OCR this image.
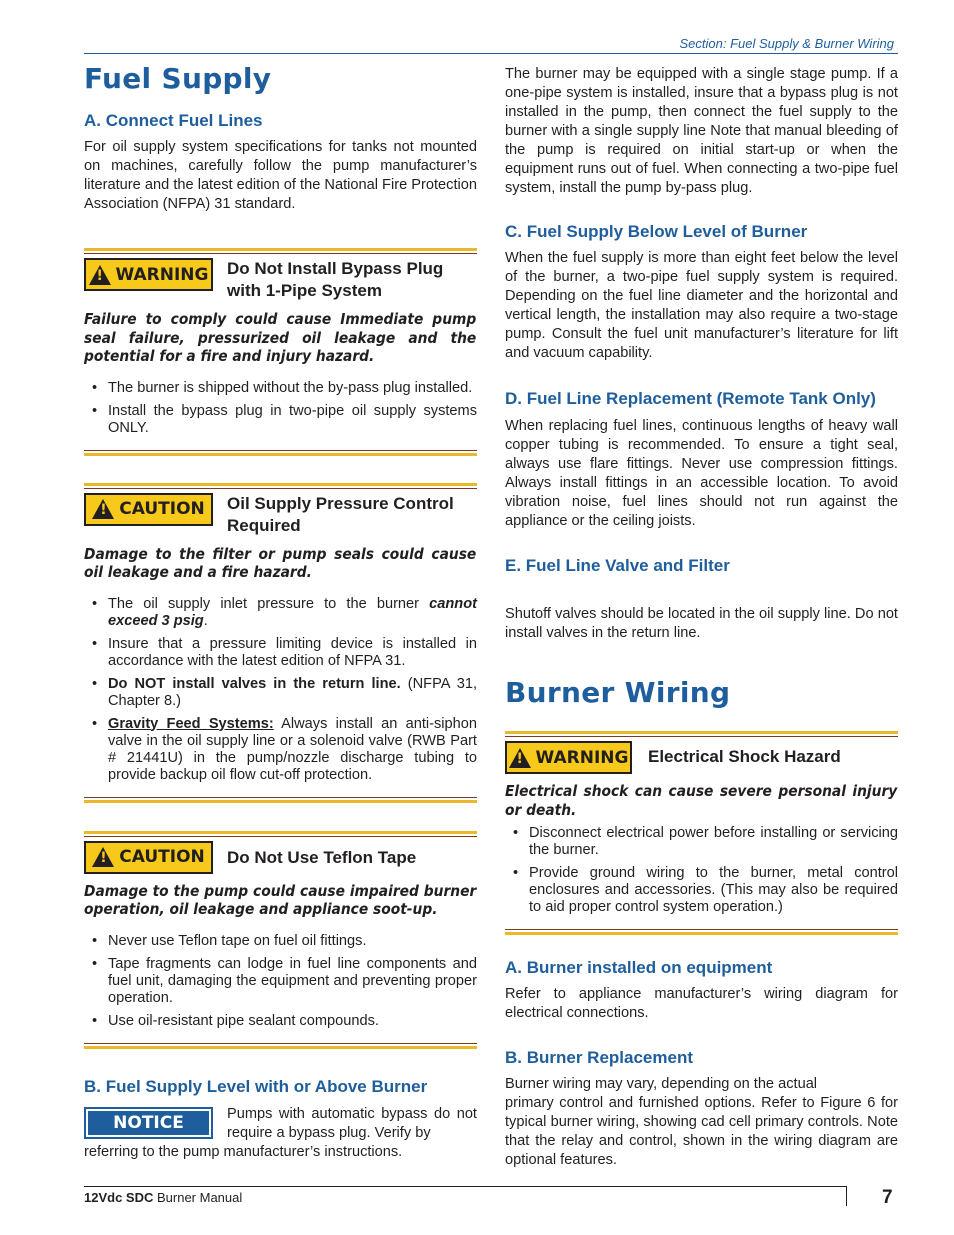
Section: Fuel Supply & Burner Wiring
Fuel Supply
A. Connect Fuel Lines

For oil supply system specifications for tanks not mounted on machines, carefully follow the pump manufacturer’s literature and the latest edition of the National Fire Protection Association (NFPA) 31 standard.

!
WARNING Do Not Install Bypass Plug with 1-Pipe System
Failure to comply could cause Immediate pump seal failure, pressurized oil leakage and the potential for a fire and injury hazard.
• The burner is shipped without the by-pass plug installed.
• Install the bypass plug in two-pipe oil supply systems ONLY.
!
CAUTION Oil Supply Pressure Control Required
Damage to the filter or pump seals could cause oil leakage and a fire hazard.
• The oil supply inlet pressure to the burner cannot exceed 3 psig.
• Insure that a pressure limiting device is installed in accordance with the latest edition of NFPA 31.
• Do NOT install valves in the return line. (NFPA 31, Chapter 8.)
• Gravity Feed Systems: Always install an anti-siphon valve in the oil supply line or a solenoid valve (RWB Part # 21441U) in the pump/nozzle discharge tubing to provide backup oil flow cut-off protection.
!
CAUTION Do Not Use Teflon Tape
Damage to the pump could cause impaired burner operation, oil leakage and appliance soot-up.
• Never use Teflon tape on fuel oil fittings.
• Tape fragments can lodge in fuel line components and fuel unit, damaging the equipment and preventing proper operation.
• Use oil-resistant pipe sealant compounds.
B. Fuel Supply Level with or Above Burner
NOTICE	Pumps with automatic bypass do not require a bypass plug. Verify by

referring to the pump manufacturer’s instructions.

The burner may be equipped with a single stage pump. If a one-pipe system is installed, insure that a bypass plug is not installed in the pump, then connect the fuel supply to the burner with a single supply line Note that manual bleeding of the pump is required on initial start-up or when the equipment runs out of fuel. When connecting a two-pipe fuel system, install the pump by-pass plug.

C. Fuel Supply Below Level of Burner

When the fuel supply is more than eight feet below the level of the burner, a two-pipe fuel supply system is required. Depending on the fuel line diameter and the horizontal and vertical length, the installation may also require a two-stage pump. Consult the fuel unit manufacturer’s literature for lift and vacuum capability.

D. Fuel Line Replacement (Remote Tank Only)

When replacing fuel lines, continuous lengths of heavy wall copper tubing is recommended. To ensure a tight seal, always use flare fittings. Never use compression fittings. Always install fittings in an accessible location. To avoid vibration noise, fuel lines should not run against the appliance or the ceiling joists.

E. Fuel Line Valve and Filter

Shutoff valves should be located in the oil supply line. Do not install valves in the return line.

Burner Wiring
!
WARNING Electrical Shock Hazard
Electrical shock can cause severe personal injury or death.
• Disconnect electrical power before installing or servicing the burner.
• Provide ground wiring to the burner, metal control enclosures and accessories. (This may also be required to aid proper control system operation.)
A. Burner installed on equipment

Refer to appliance manufacturer’s wiring diagram for electrical connections.

B. Burner Replacement

Burner wiring may vary, depending on the actual

primary control and furnished options. Refer to Figure 6 for typical burner wiring, showing cad cell primary controls. Note that the relay and control, shown in the wiring diagram are optional features.

12Vdc SDC Burner Manual	7
